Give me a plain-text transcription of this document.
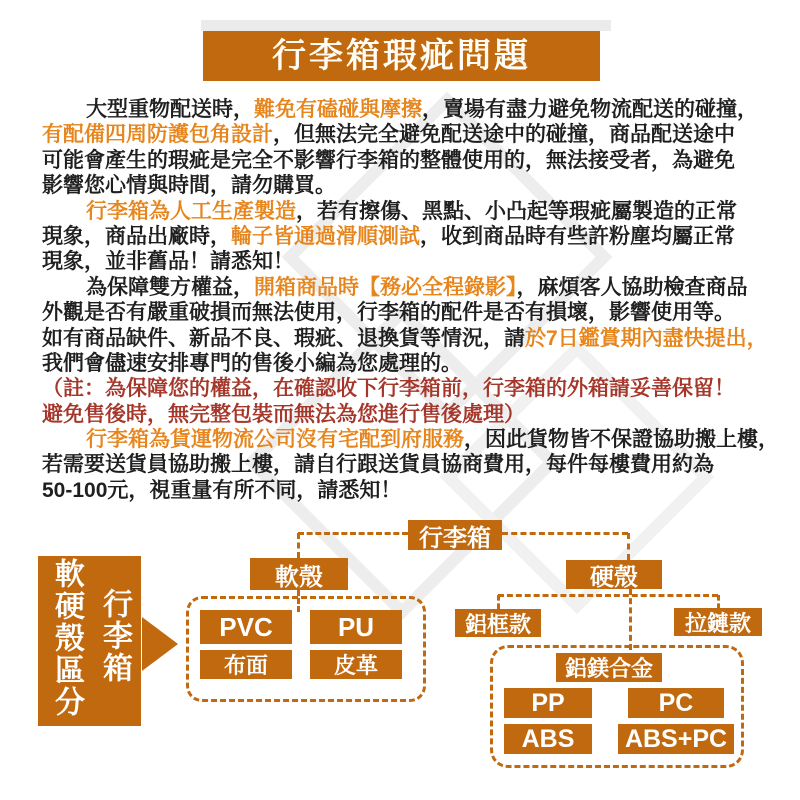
行李箱瑕疵問題
大型重物配送時，難免有磕碰與摩擦，賣場有盡力避免物流配送的碰撞，
有配備四周防護包角設計，但無法完全避免配送途中的碰撞，商品配送途中
可能會產生的瑕疵是完全不影響行李箱的整體使用的，無法接受者，為避免
影響您心情與時間，請勿購買。
行李箱為人工生產製造，若有擦傷、黑點、小凸起等瑕疵屬製造的正常
現象，商品出廠時，輪子皆通過滑順測試，收到商品時有些許粉塵均屬正常
現象，並非舊品！請悉知！
為保障雙方權益，開箱商品時【務必全程錄影】，麻煩客人協助檢查商品
外觀是否有嚴重破損而無法使用，行李箱的配件是否有損壞，影響使用等。
如有商品缺件、新品不良、瑕疵、退換貨等情況，請於7日鑑賞期內盡快提出，
我們會儘速安排專門的售後小編為您處理的。
（註：為保障您的權益，在確認收下行李箱前，行李箱的外箱請妥善保留！
避免售後時，無完整包裝而無法為您進行售後處理）
行李箱為貨運物流公司沒有宅配到府服務，因此貨物皆不保證協助搬上樓，
若需要送貨員協助搬上樓，請自行跟送貨員協商費用，每件每樓費用約為
50-100元，視重量有所不同，請悉知！
行李箱
軟殼
PVC	PU
布面	皮革
硬殼
鋁框款	拉鏈款
鋁鎂合金
PP	PC
ABS	ABS+PC
軟硬殼區分 行李箱
